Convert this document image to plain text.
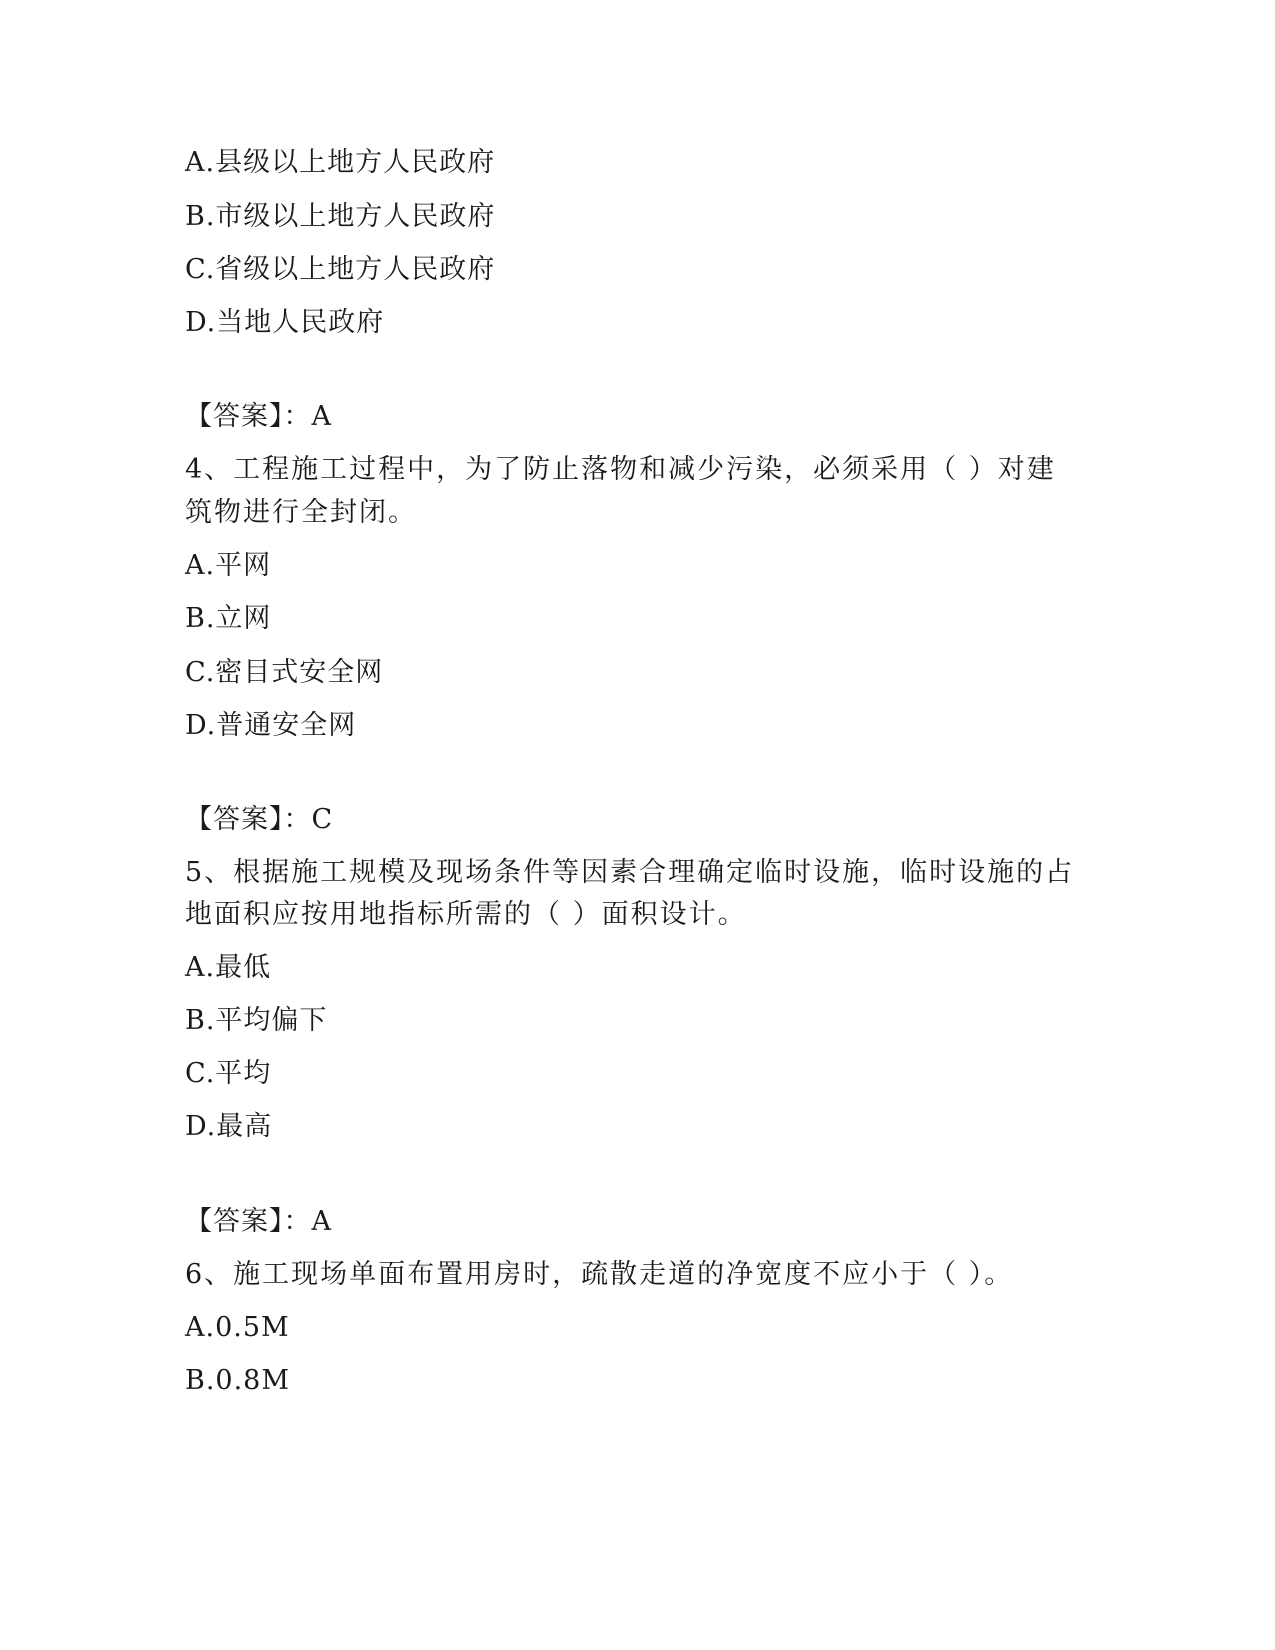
A.县级以上地方人民政府
B.市级以上地方人民政府
C.省级以上地方人民政府
D.当地人民政府
【答案】：A
4、工程施工过程中，为了防止落物和减少污染，必须采用（ ）对建
筑物进行全封闭。
A.平网
B.立网
C.密目式安全网
D.普通安全网
【答案】：C
5、根据施工规模及现场条件等因素合理确定临时设施，临时设施的占
地面积应按用地指标所需的（ ）面积设计。
A.最低
B.平均偏下
C.平均
D.最高
【答案】：A
6、施工现场单面布置用房时，疏散走道的净宽度不应小于（ ）。
A.0.5M
B.0.8M
